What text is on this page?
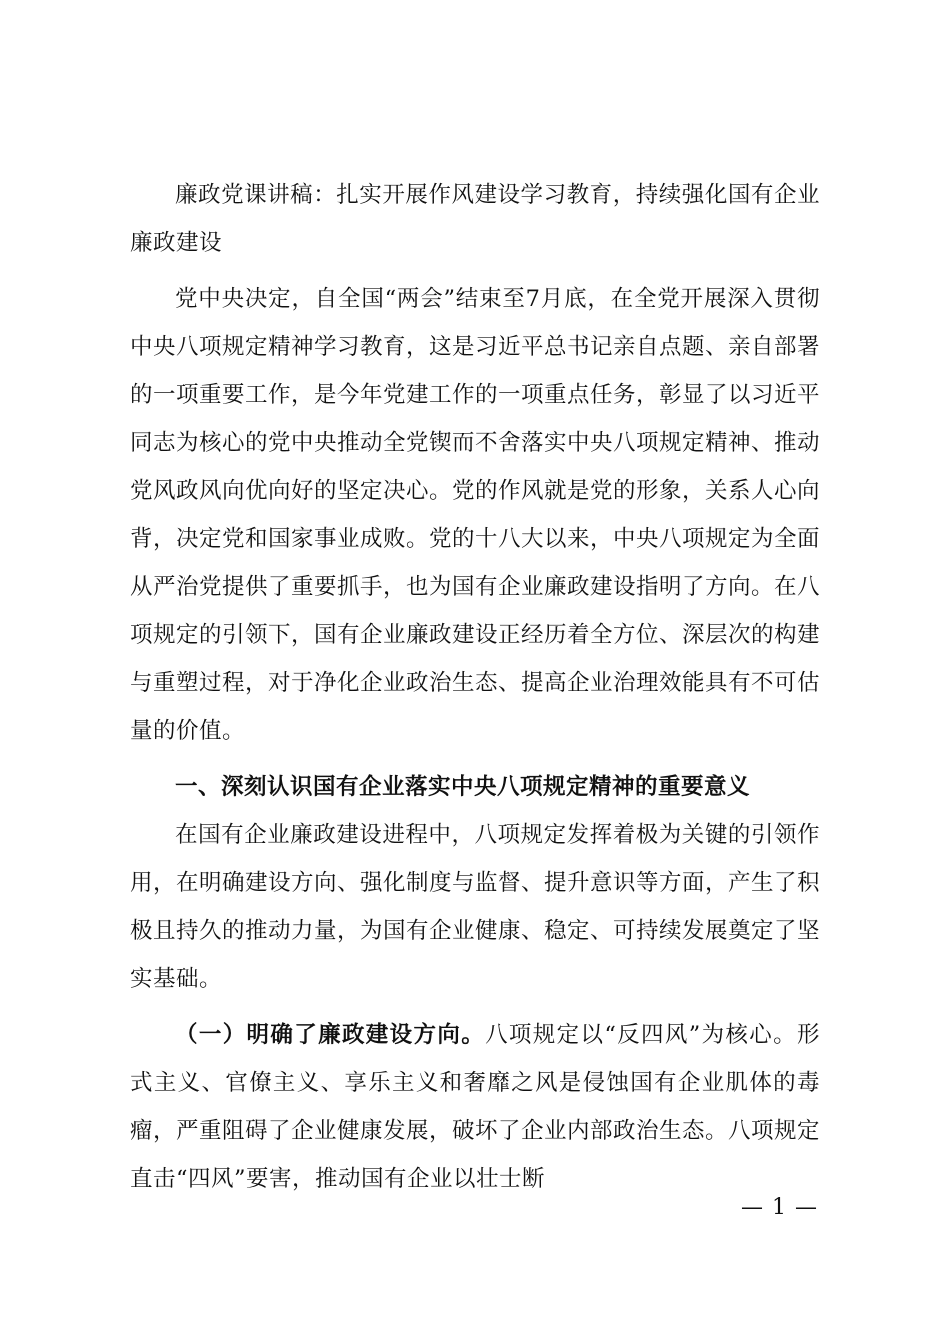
廉政党课讲稿：扎实开展作风建设学习教育，持续强化国有企业廉政建设

党中央决定，自全国“两会”结束至7月底，在全党开展深入贯彻中央八项规定精神学习教育，这是习近平总书记亲自点题、亲自部署的一项重要工作，是今年党建工作的一项重点任务，彰显了以习近平同志为核心的党中央推动全党锲而不舍落实中央八项规定精神、推动党风政风向优向好的坚定决心。党的作风就是党的形象，关系人心向背，决定党和国家事业成败。党的十八大以来，中央八项规定为全面从严治党提供了重要抓手，也为国有企业廉政建设指明了方向。在八项规定的引领下，国有企业廉政建设正经历着全方位、深层次的构建与重塑过程，对于净化企业政治生态、提高企业治理效能具有不可估量的价值。

一、深刻认识国有企业落实中央八项规定精神的重要意义

在国有企业廉政建设进程中，八项规定发挥着极为关键的引领作用，在明确建设方向、强化制度与监督、提升意识等方面，产生了积极且持久的推动力量，为国有企业健康、稳定、可持续发展奠定了坚实基础。

（一）明确了廉政建设方向。八项规定以“反四风”为核心。形式主义、官僚主义、享乐主义和奢靡之风是侵蚀国有企业肌体的毒瘤，严重阻碍了企业健康发展，破坏了企业内部政治生态。八项规定直击“四风”要害，推动国有企业以壮士断

— 1 —
